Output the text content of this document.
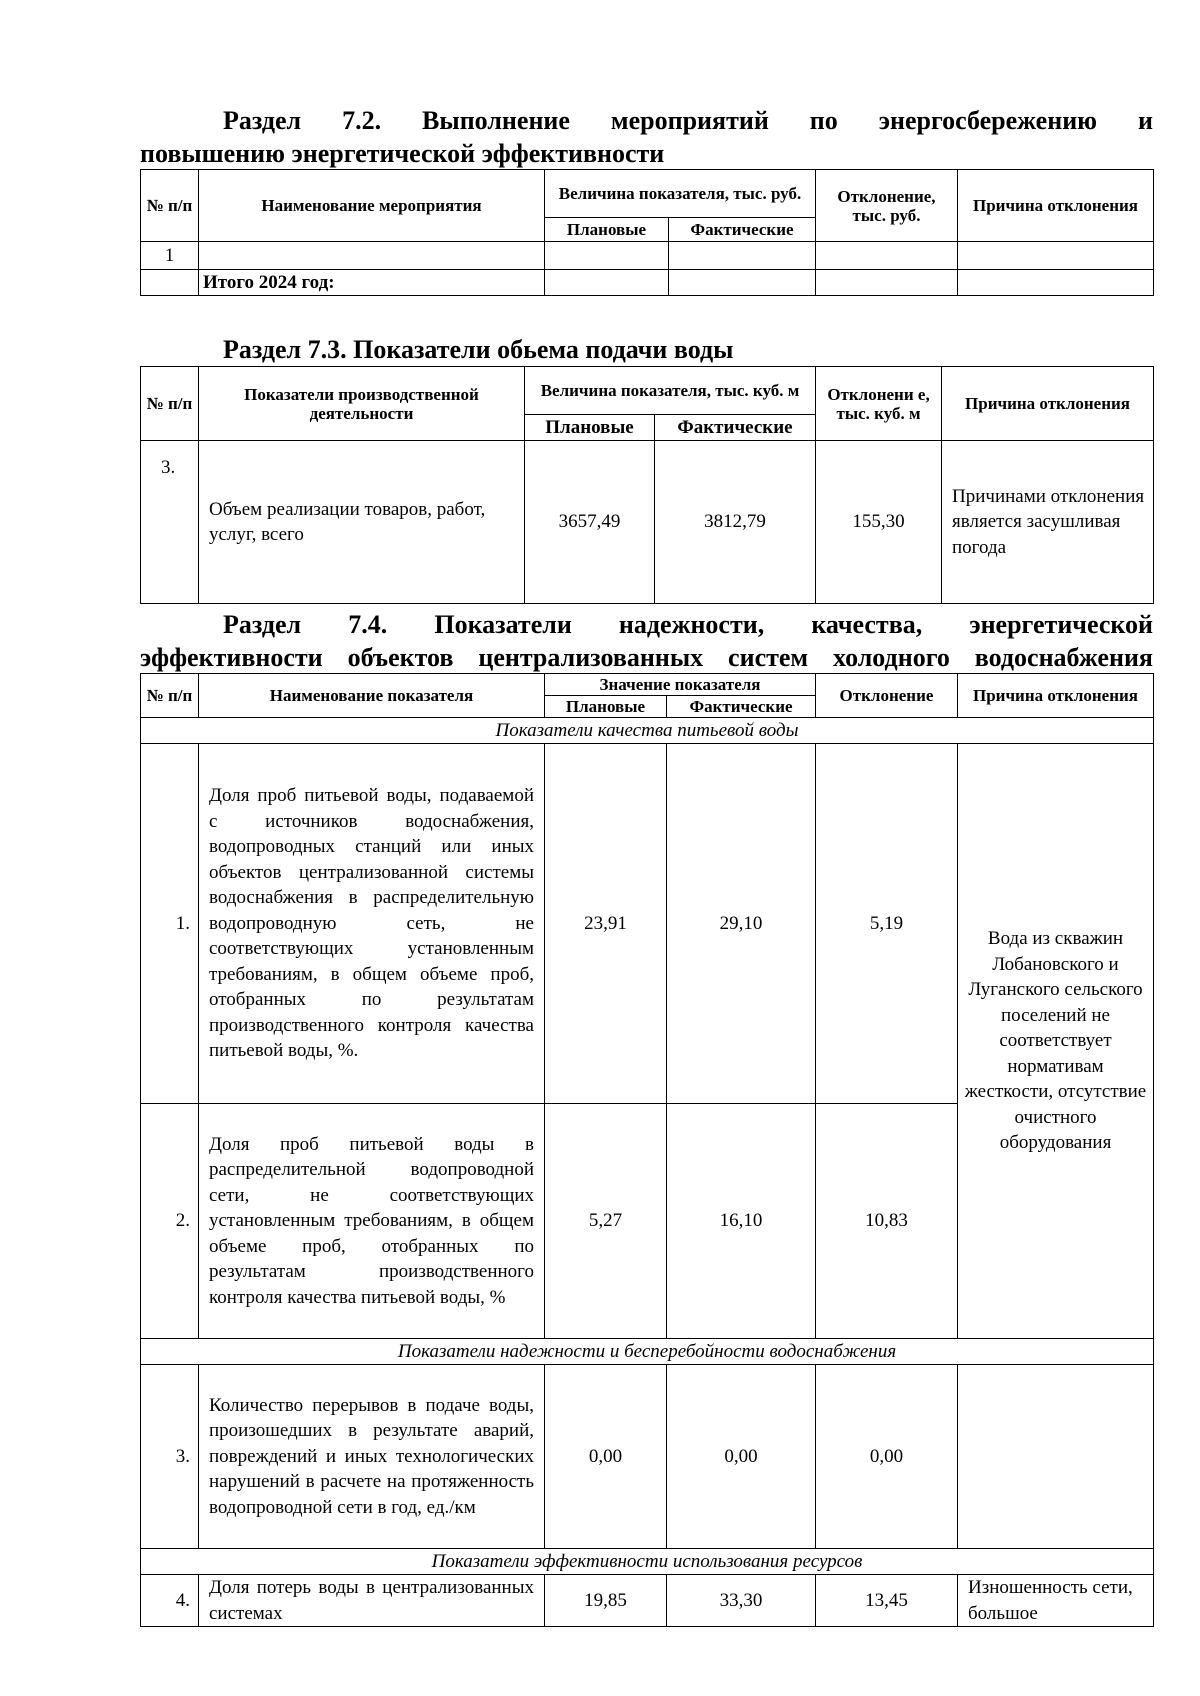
Раздел 7.2. Выполнение мероприятий по энергосбережению и

повышению энергетической эффективности

№ п/п	Наименование мероприятия	Величина показателя, тыс. руб.		Отклонение, тыс. руб.	Причина отклонения
		Плановые	Фактические		
1					
	Итого 2024 год:				

Раздел 7.3. Показатели обьема подачи воды

№ п/п	Показатели производственной деятельности	Величина показателя, тыс. куб. м		Отклонени е, тыс. куб. м	Причина отклонения
		Плановые	Фактические		
3.	Объем реализации товаров, работ, услуг, всего	3657,49	3812,79	155,30	Причинами отклонения является засушливая погода

Раздел 7.4. Показатели надежности, качества, энергетической

эффективности объектов централизованных систем холодного водоснабжения

№ п/п	Наименование показателя	Значение показателя		Отклонение	Причина отклонения
		Плановые	Фактические		
Показатели качества питьевой воды					
1.	Доля проб питьевой воды, подаваемой с источников водоснабжения, водопроводных станций или иных объектов централизованной системы водоснабжения в распределительную водопроводную сеть, не соответствующих установленным требованиям, в общем объеме проб, отобранных по результатам производственного контроля качества питьевой воды, %.	23,91	29,10	5,19	Вода из скважин Лобановского и Луганского сельского поселений не соответствует нормативам жесткости, отсутствие очистного оборудования
2.	Доля проб питьевой воды в распределительной водопроводной сети, не соответствующих установленным требованиям, в общем объеме проб, отобранных по результатам производственного контроля качества питьевой воды, %	5,27	16,10	10,83	
Показатели надежности и бесперебойности водоснабжения					
3.	Количество перерывов в подаче воды, произошедших в результате аварий, повреждений и иных технологических нарушений в расчете на протяженность водопроводной сети в год, ед./км	0,00	0,00	0,00	
Показатели эффективности использования ресурсов					
4.	Доля потерь воды в централизованных системах	19,85	33,30	13,45	Изношенность сети, большое
